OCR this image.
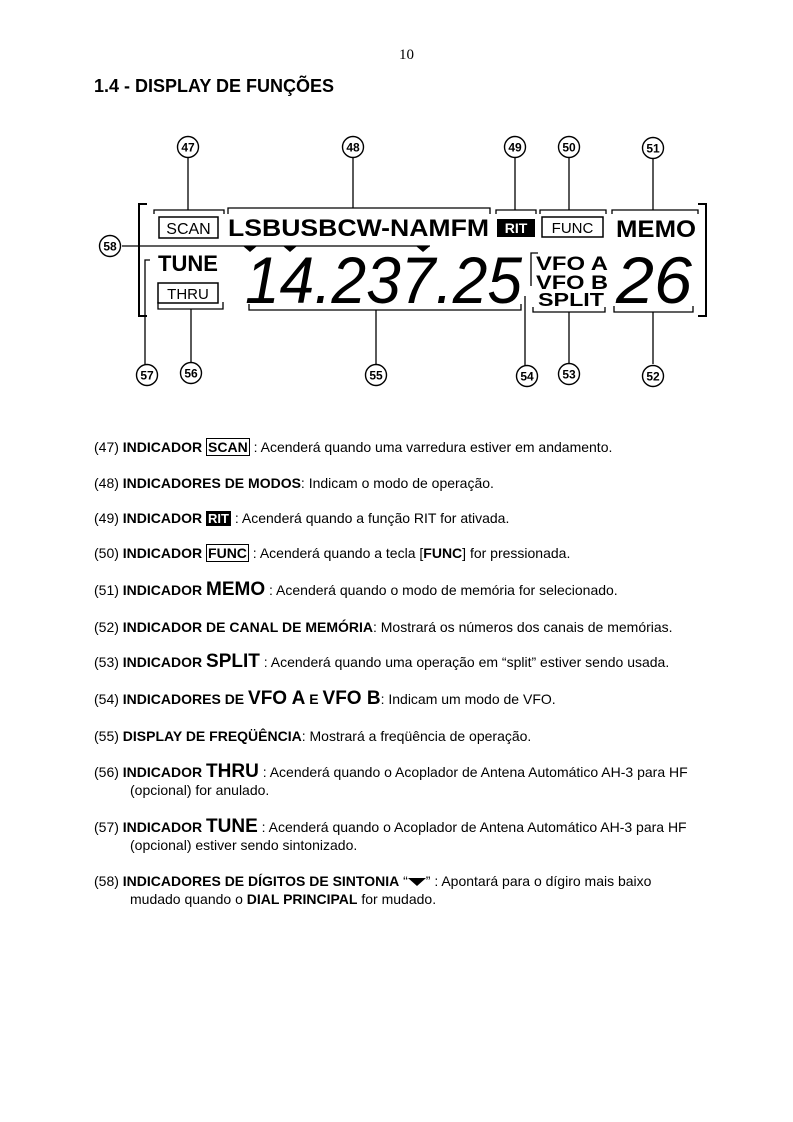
10
1.4 - DISPLAY DE FUNÇÕES
SCAN LSBUSBCW-NAMFM RIT FUNC MEMO
TUNE
THRU 14.237.25 VFO A
VFO B
SPLIT 26
47	48	49	50	51
58
57	56	55	54 53	52
(47) INDICADOR SCAN : Acenderá quando uma varredura estiver em andamento.
(48) INDICADORES DE MODOS: Indicam o modo de operação.
(49) INDICADOR RIT : Acenderá quando a função RIT for ativada.
(50) INDICADOR FUNC : Acenderá quando a tecla [FUNC] for pressionada.
(51) INDICADOR MEMO : Acenderá quando o modo de memória for selecionado.
(52) INDICADOR DE CANAL DE MEMÓRIA: Mostrará os números dos canais de memórias.
(53) INDICADOR SPLIT : Acenderá quando uma operação em “split” estiver sendo usada.
(54) INDICADORES DE VFO A E VFO B: Indicam um modo de VFO.
(55) DISPLAY DE FREQÜÊNCIA: Mostrará a freqüência de operação.
(56) INDICADOR THRU : Acenderá quando o Acoplador de Antena Automático AH-3 para HF
(opcional) for anulado.
(57) INDICADOR TUNE : Acenderá quando o Acoplador de Antena Automático AH-3 para HF
(opcional) estiver sendo sintonizado.
(58) INDICADORES DE DÍGITOS DE SINTONIA “ ” : Apontará para o dígiro mais baixo
mudado quando o DIAL PRINCIPAL for mudado.
